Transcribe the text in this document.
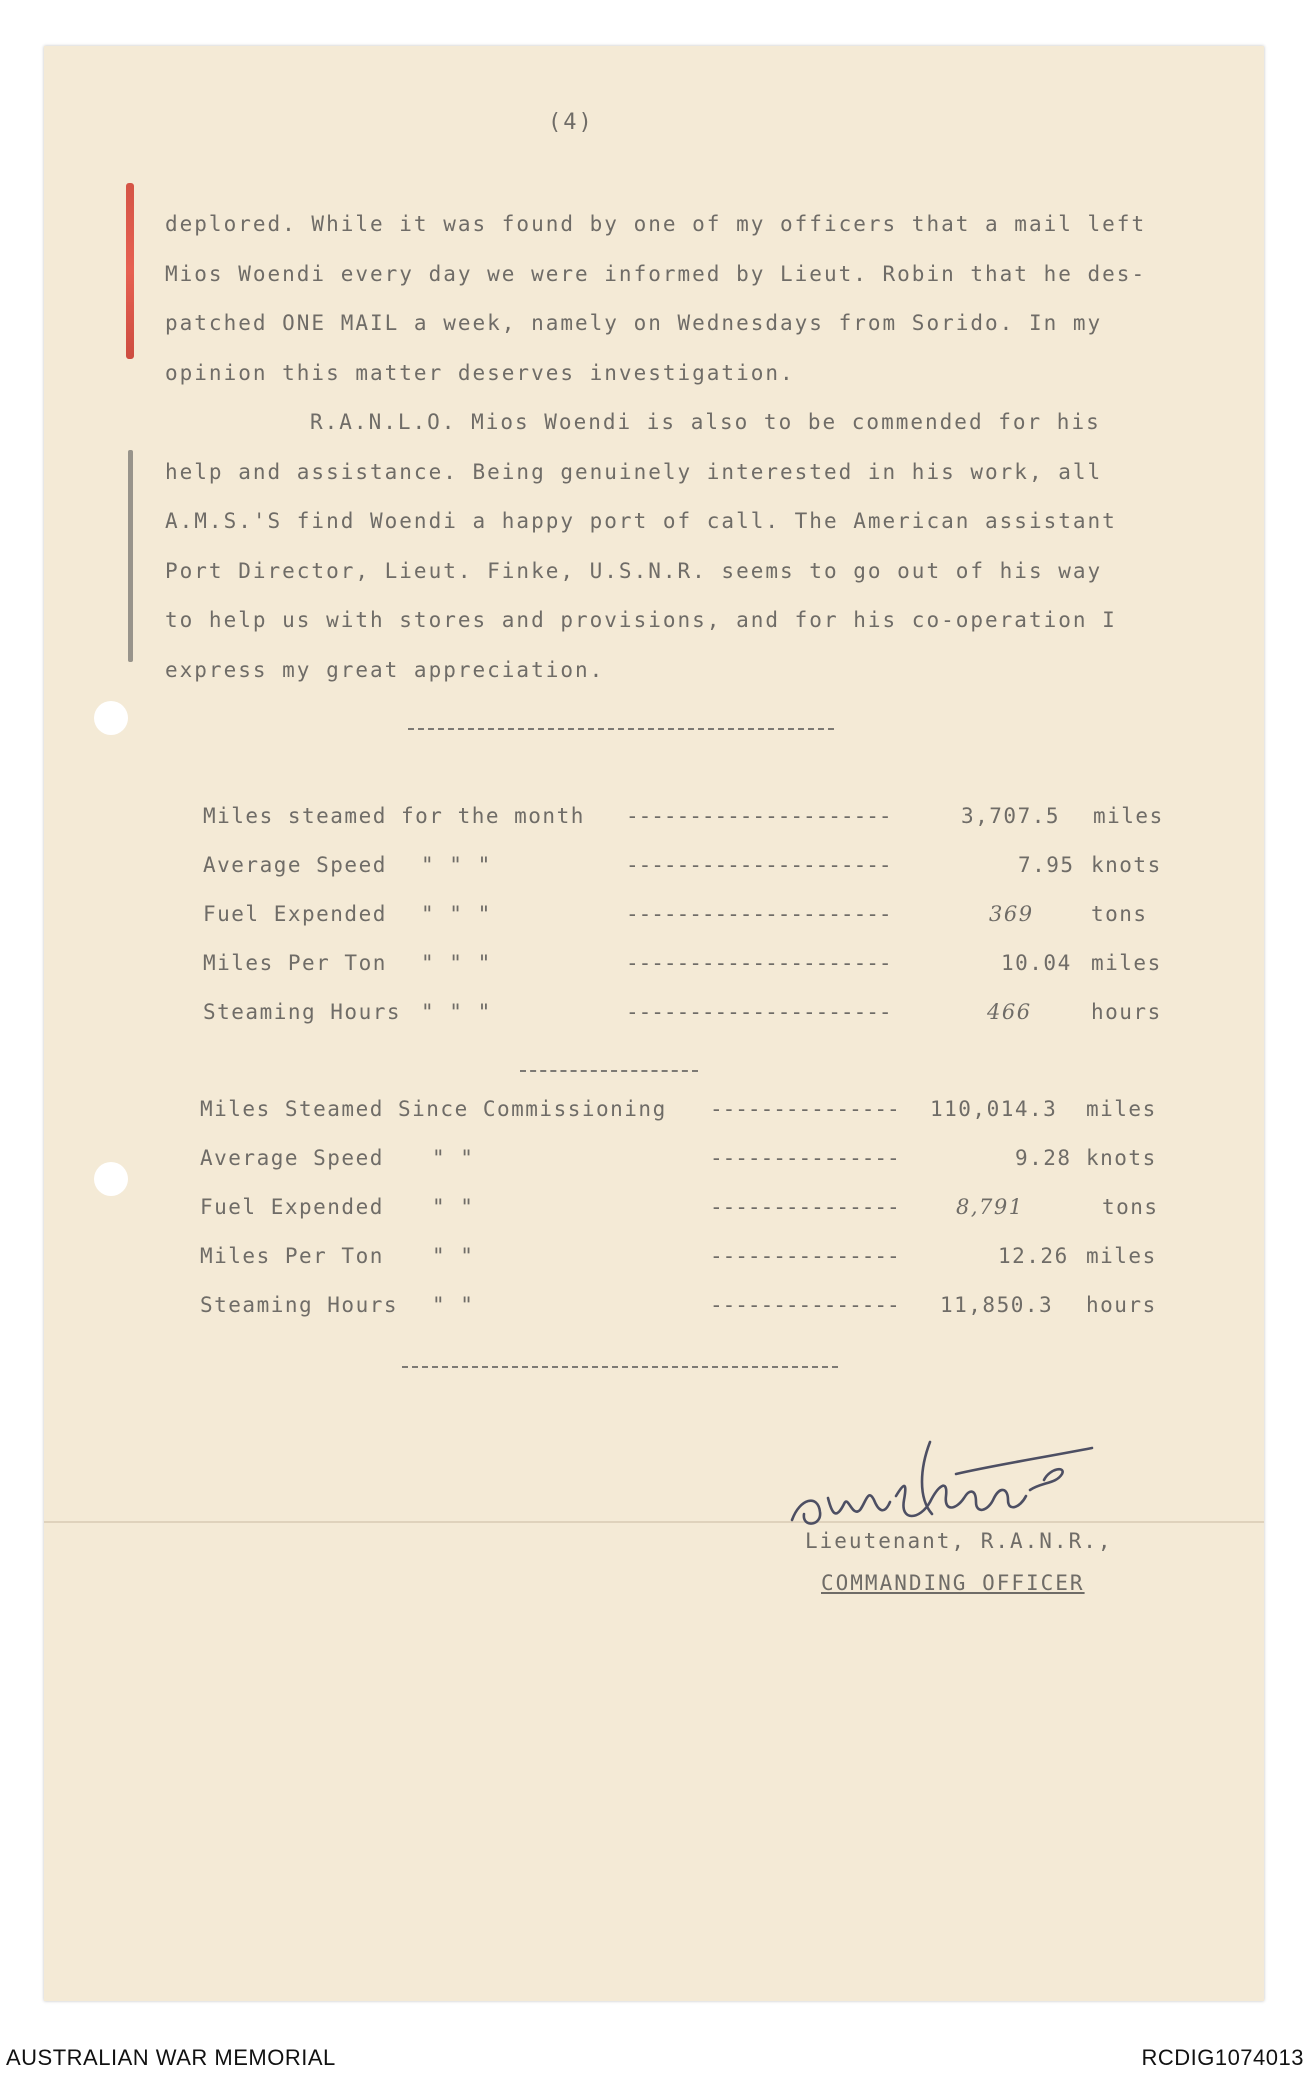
(4)
deplored. While it was found by one of my officers that a mail left
Mios Woendi every day we were informed by Lieut. Robin that he des-
patched ONE MAIL a week, namely on Wednesdays from Sorido. In my
opinion this matter deserves investigation.
R.A.N.L.O. Mios Woendi is also to be commended for his
help and assistance. Being genuinely interested in his work, all
A.M.S.'S find Woendi a happy port of call. The American assistant
Port Director, Lieut. Finke, U.S.N.R. seems to go out of his way
to help us with stores and provisions, and for his co-operation I
express my great appreciation.
Miles steamed for the month ---------------------	3,707.5 miles
Average Speed " " "	---------------------	7.95 knots
Fuel Expended " " "	---------------------	369	tons
Miles Per Ton " " "	---------------------	10.04 miles
Steaming Hours " " "	---------------------	466	hours
Miles Steamed Since Commissioning --------------- 110,014.3 miles
Average Speed " "	---------------	9.28 knots
Fuel Expended " "	---------------	8,791	tons
Miles Per Ton " "	---------------	12.26 miles
Steaming Hours " "	--------------- 11,850.3 hours
Lieutenant, R.A.N.R.,
COMMANDING OFFICER
AUSTRALIAN WAR MEMORIAL	RCDIG1074013
